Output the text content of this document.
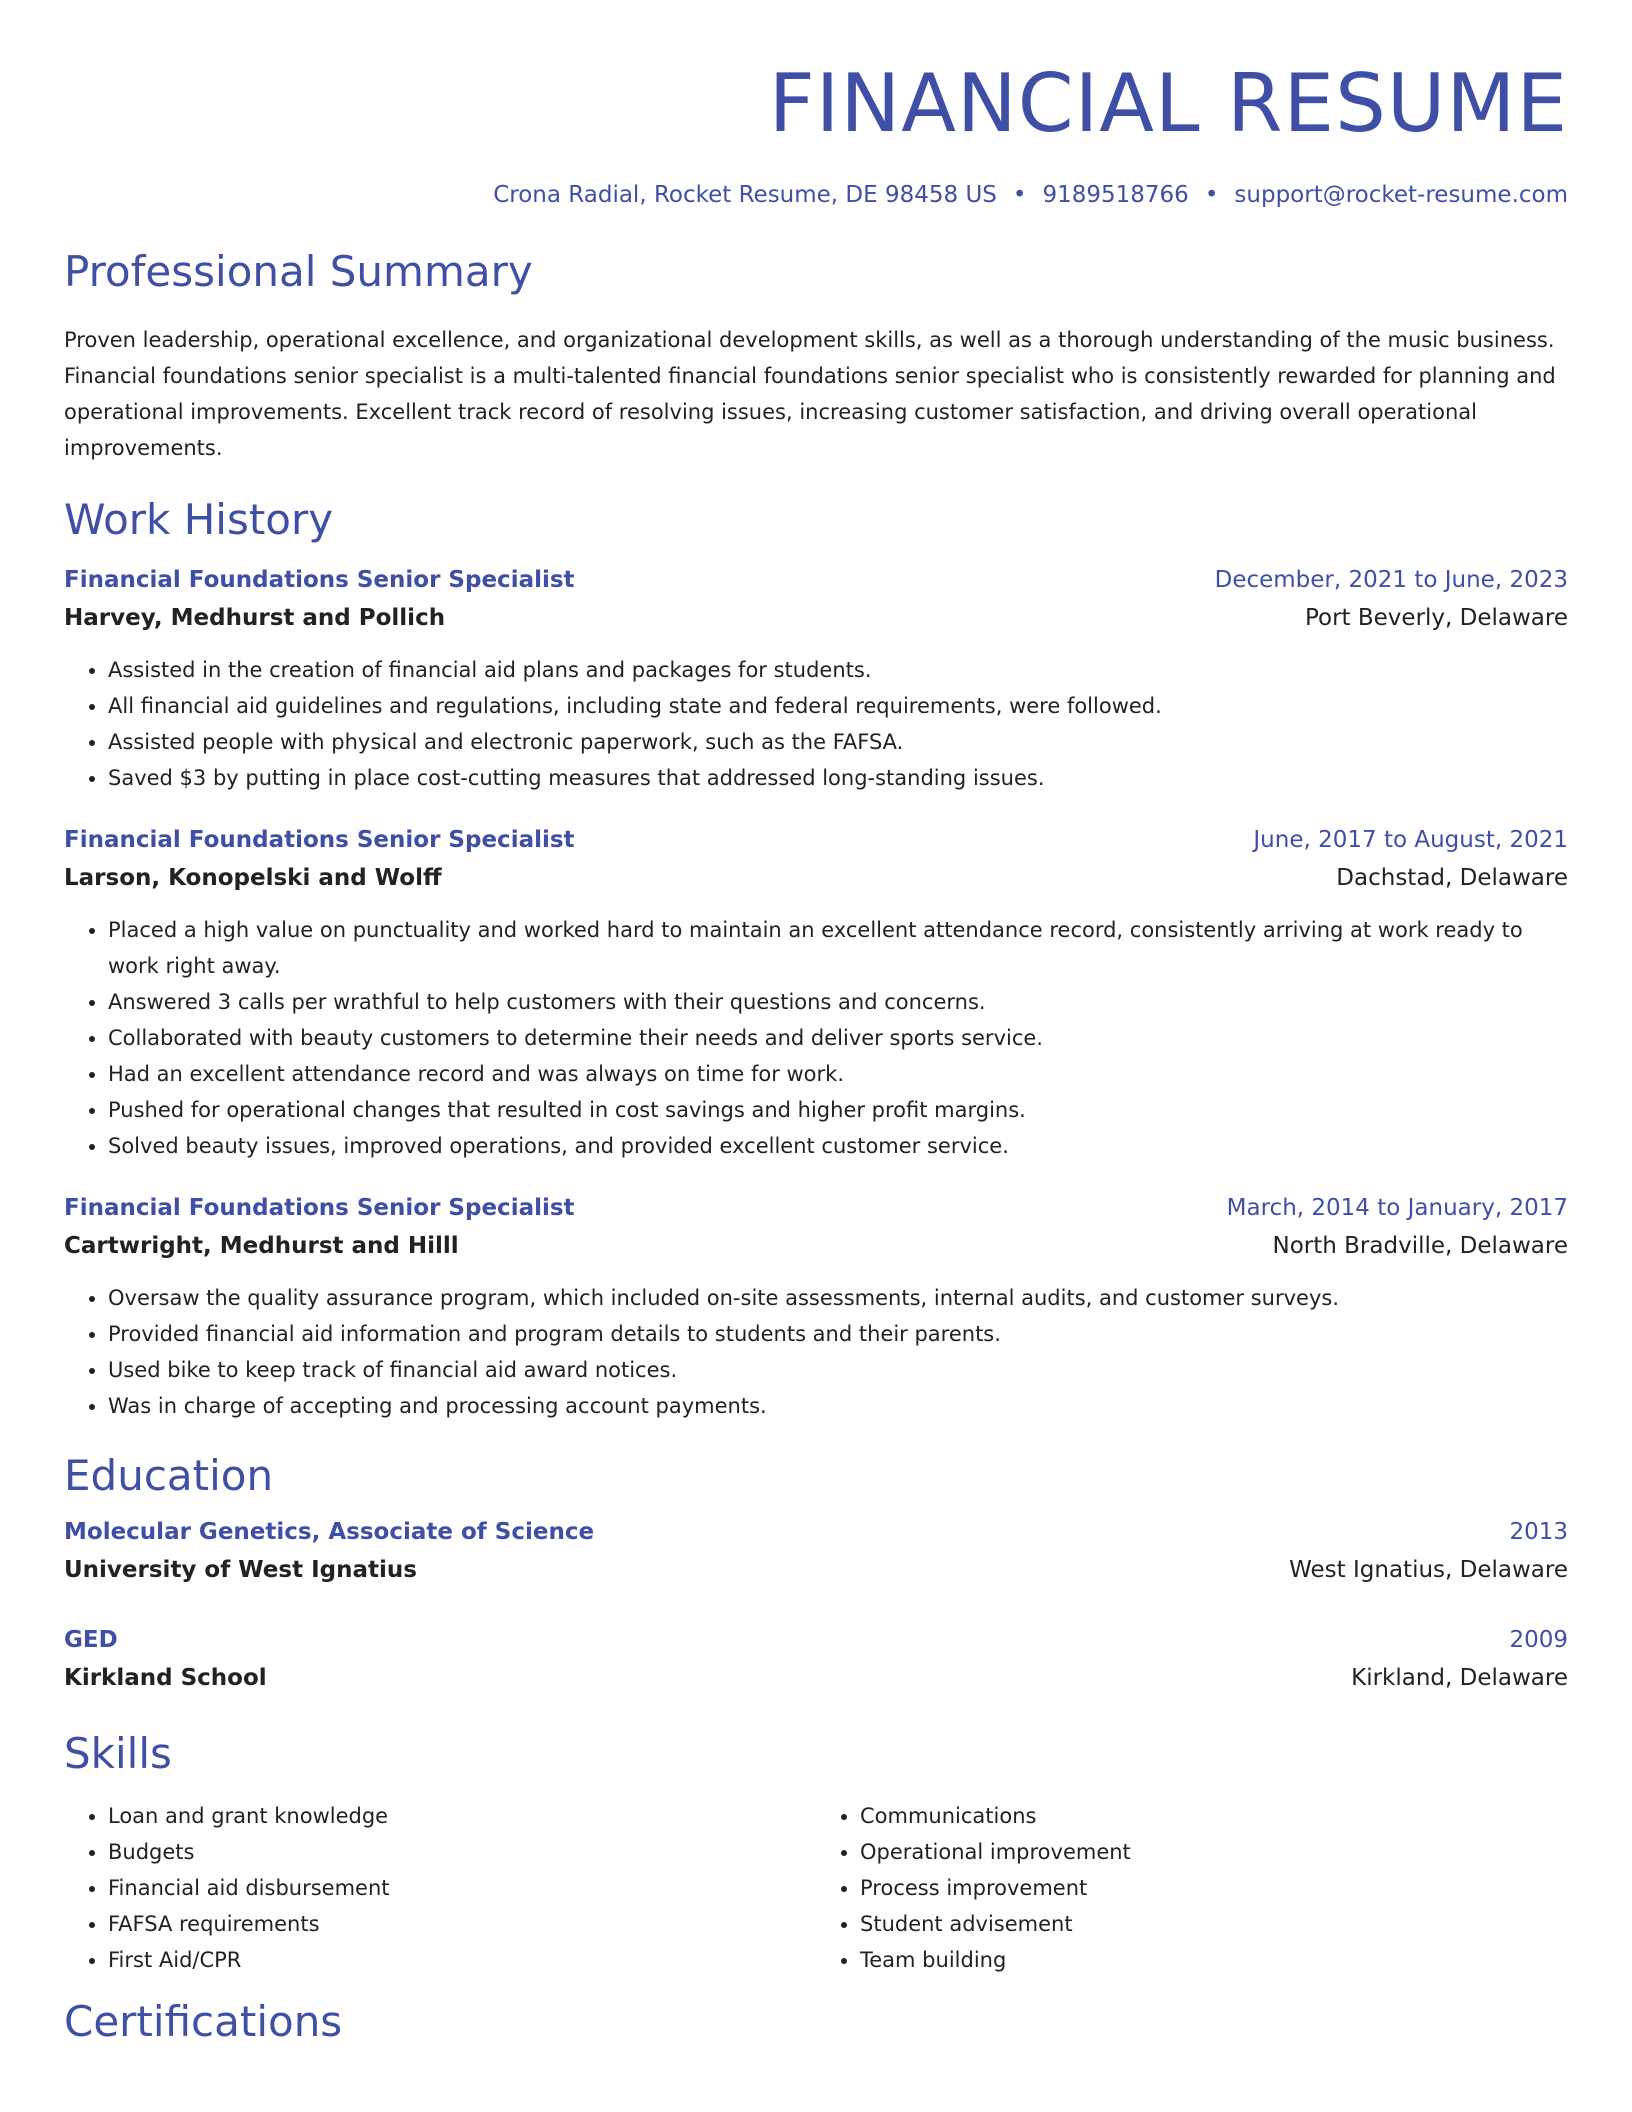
FINANCIAL RESUME
Crona Radial, Rocket Resume, DE 98458 US • 9189518766 • support@rocket-resume.com
Professional Summary

Proven leadership, operational excellence, and organizational development skills, as well as a thorough understanding of the music business. Financial foundations senior specialist is a multi-talented financial foundations senior specialist who is consistently rewarded for planning and operational improvements. Excellent track record of resolving issues, increasing customer satisfaction, and driving overall operational improvements.

Work History
Financial Foundations Senior Specialist	December, 2021 to June, 2023
Harvey, Medhurst and Pollich	Port Beverly, Delaware
• Assisted in the creation of financial aid plans and packages for students.
• All financial aid guidelines and regulations, including state and federal requirements, were followed.
• Assisted people with physical and electronic paperwork, such as the FAFSA.
• Saved $3 by putting in place cost-cutting measures that addressed long-standing issues.
Financial Foundations Senior Specialist	June, 2017 to August, 2021
Larson, Konopelski and Wolff	Dachstad, Delaware
• Placed a high value on punctuality and worked hard to maintain an excellent attendance record, consistently arriving at work ready to work right away.
• Answered 3 calls per wrathful to help customers with their questions and concerns.
• Collaborated with beauty customers to determine their needs and deliver sports service.
• Had an excellent attendance record and was always on time for work.
• Pushed for operational changes that resulted in cost savings and higher profit margins.
• Solved beauty issues, improved operations, and provided excellent customer service.
Financial Foundations Senior Specialist	March, 2014 to January, 2017
Cartwright, Medhurst and Hilll	North Bradville, Delaware
• Oversaw the quality assurance program, which included on-site assessments, internal audits, and customer surveys.
• Provided financial aid information and program details to students and their parents.
• Used bike to keep track of financial aid award notices.
• Was in charge of accepting and processing account payments.
Education
Molecular Genetics, Associate of Science	2013
University of West Ignatius	West Ignatius, Delaware
GED	2009
Kirkland School	Kirkland, Delaware
Skills
• Loan and grant knowledge
• Budgets
• Financial aid disbursement
• FAFSA requirements
• First Aid/CPR
• Communications
• Operational improvement
• Process improvement
• Student advisement
• Team building
Certifications
